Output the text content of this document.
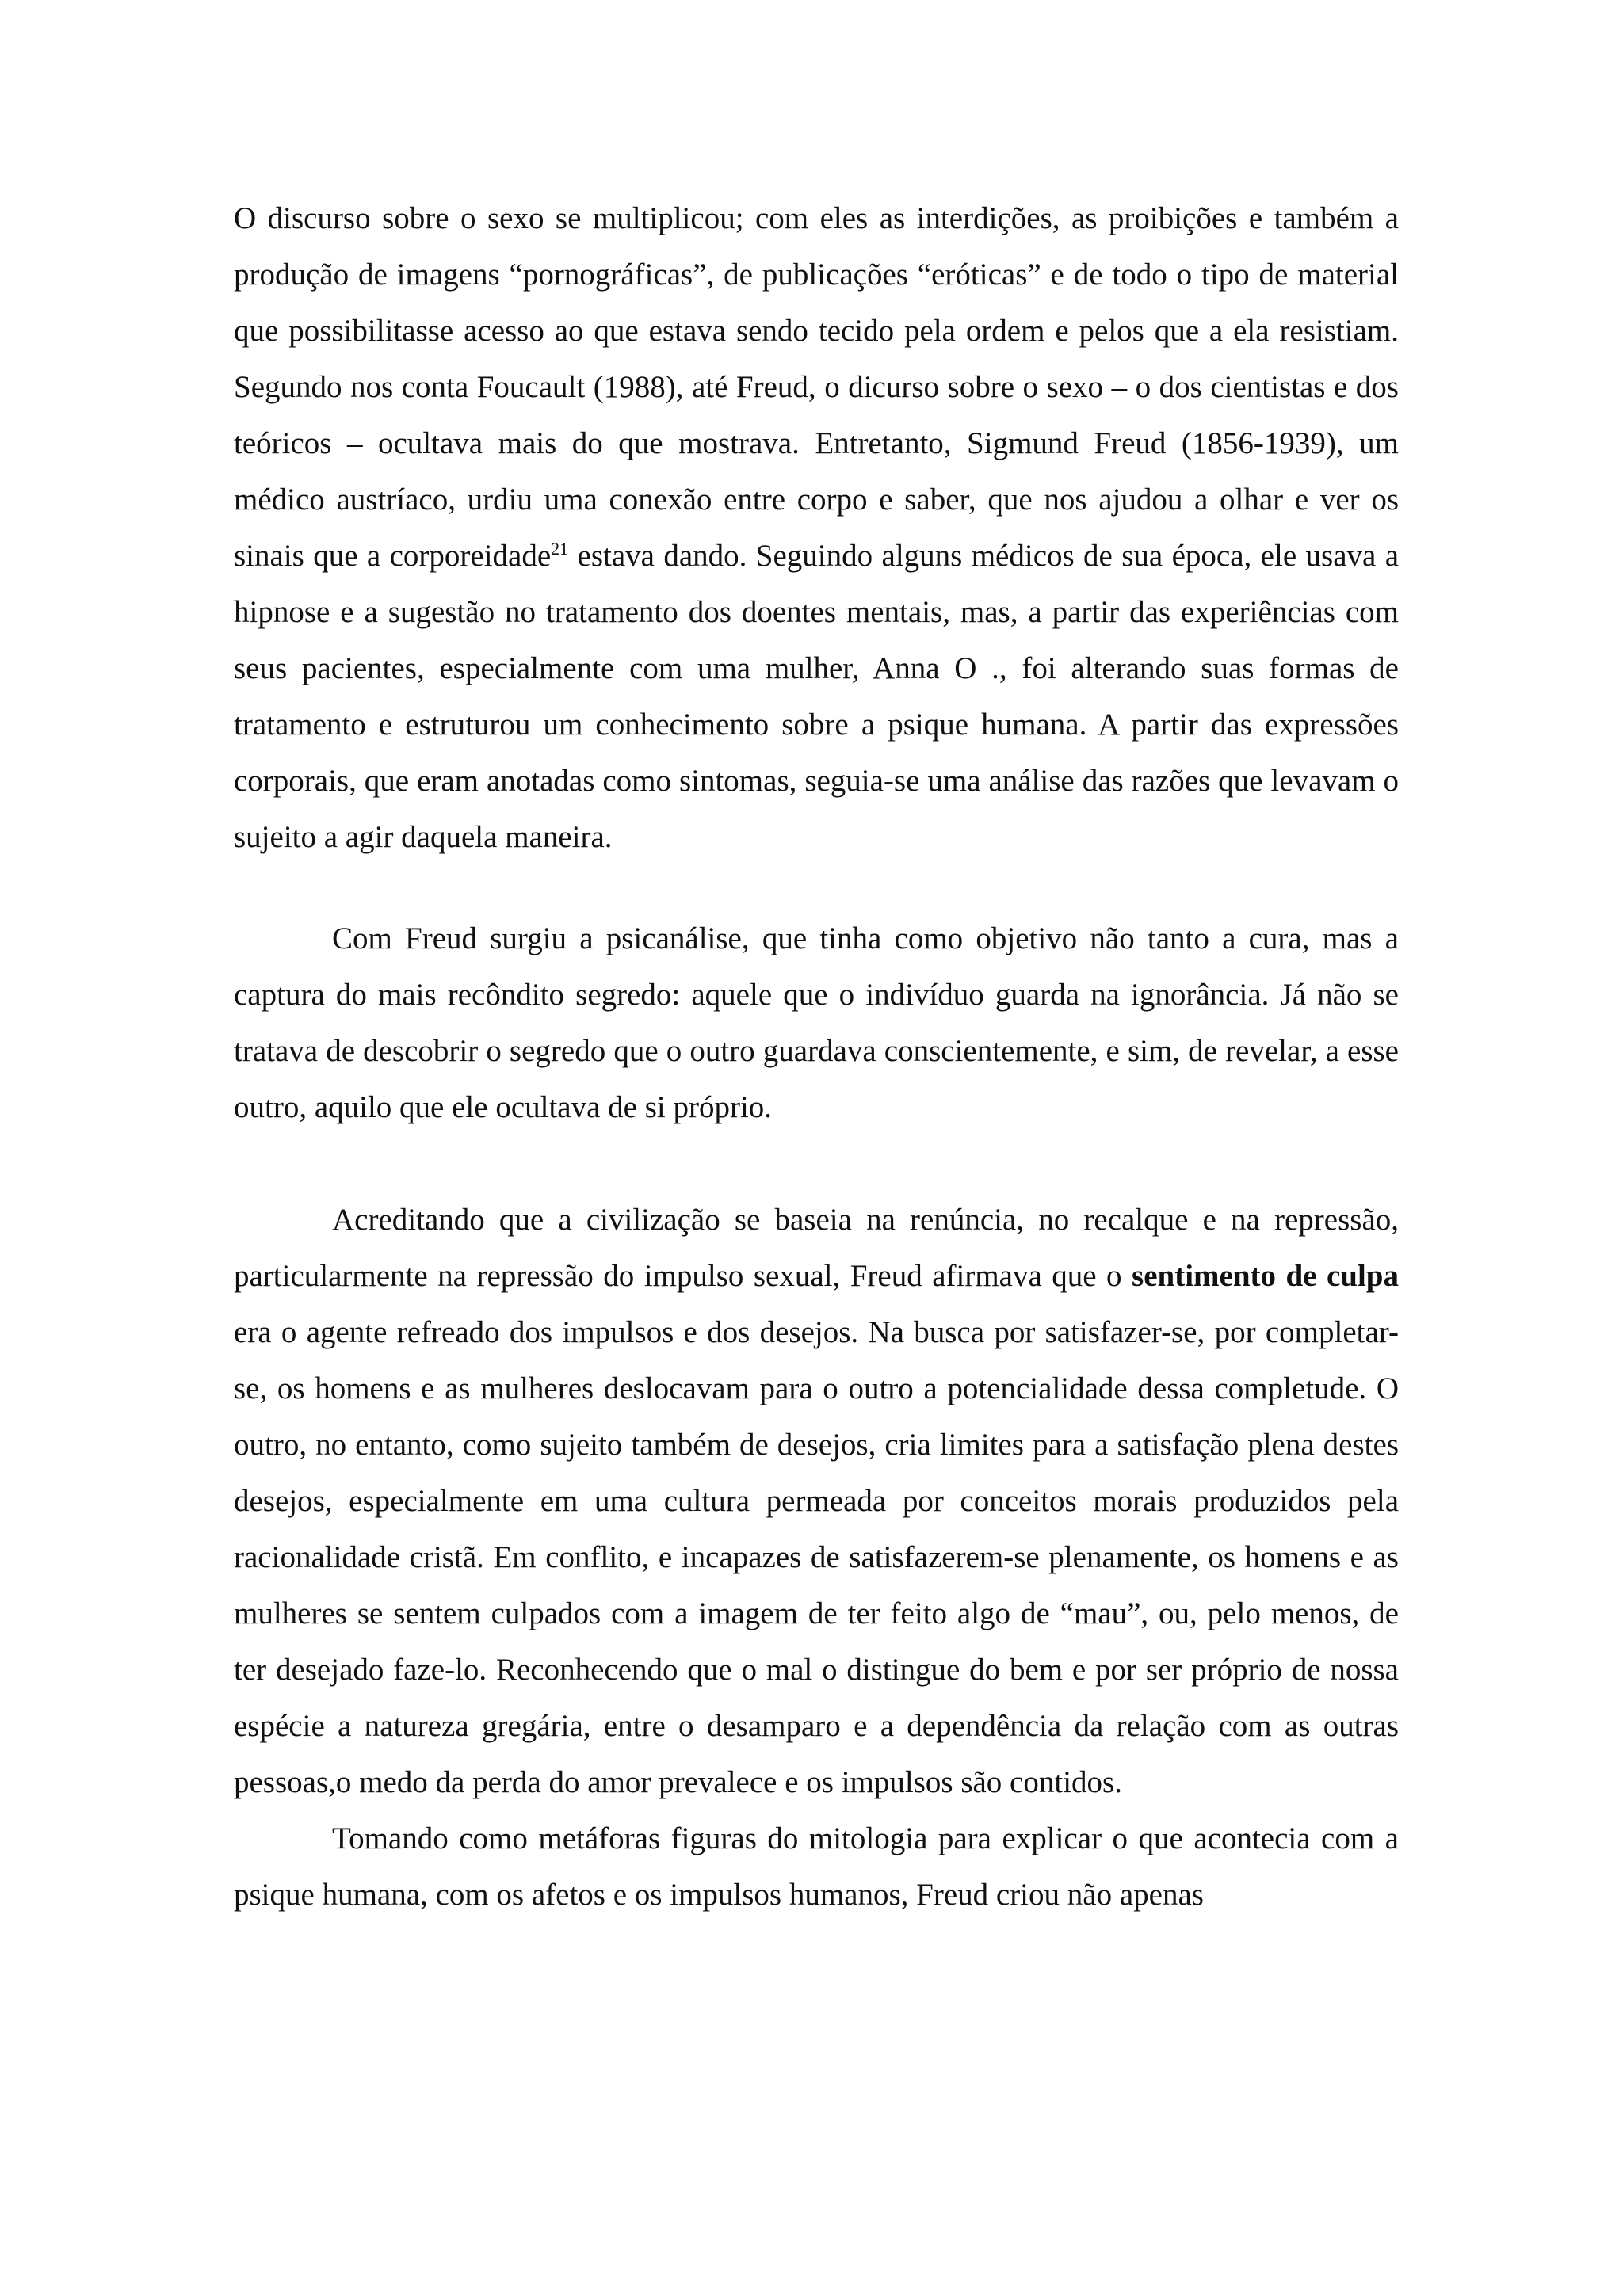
O discurso sobre o sexo se multiplicou; com eles as interdições, as proibições e também a produção de imagens “pornográficas”, de publicações “eróticas” e de todo o tipo de material que possibilitasse acesso ao que estava sendo tecido pela ordem e pelos que a ela resistiam. Segundo nos conta Foucault (1988), até Freud, o dicurso sobre o sexo – o dos cientistas e dos teóricos – ocultava mais do que mostrava. Entretanto, Sigmund Freud (1856-1939), um médico austríaco, urdiu uma conexão entre corpo e saber, que nos ajudou a olhar e ver os sinais que a corporeidade$^{21}$ estava dando. Seguindo alguns médicos de sua época, ele usava a hipnose e a sugestão no tratamento dos doentes mentais, mas, a partir das experiências com seus pacientes, especialmente com uma mulher, Anna O ., foi alterando suas formas de tratamento e estruturou um conhecimento sobre a psique humana. A partir das expressões corporais, que eram anotadas como sintomas, seguia-se uma análise das razões que levavam o sujeito a agir daquela maneira.

Com Freud surgiu a psicanálise, que tinha como objetivo não tanto a cura, mas a captura do mais recôndito segredo: aquele que o indivíduo guarda na ignorância. Já não se tratava de descobrir o segredo que o outro guardava conscientemente, e sim, de revelar, a esse outro, aquilo que ele ocultava de si próprio.

Acreditando que a civilização se baseia na renúncia, no recalque e na repressão, particularmente na repressão do impulso sexual, Freud afirmava que o sentimento de culpa era o agente refreado dos impulsos e dos desejos. Na busca por satisfazer-se, por completar-se, os homens e as mulheres deslocavam para o outro a potencialidade dessa completude. O outro, no entanto, como sujeito também de desejos, cria limites para a satisfação plena destes desejos, especialmente em uma cultura permeada por conceitos morais produzidos pela racionalidade cristã. Em conflito, e incapazes de satisfazerem-se plenamente, os homens e as mulheres se sentem culpados com a imagem de ter feito algo de “mau”, ou, pelo menos, de ter desejado faze-lo. Reconhecendo que o mal o distingue do bem e por ser próprio de nossa espécie a natureza gregária, entre o desamparo e a dependência da relação com as outras pessoas,o medo da perda do amor prevalece e os impulsos são contidos.

Tomando como metáforas figuras do mitologia para explicar o que acontecia com a psique humana, com os afetos e os impulsos humanos, Freud criou não apenas
